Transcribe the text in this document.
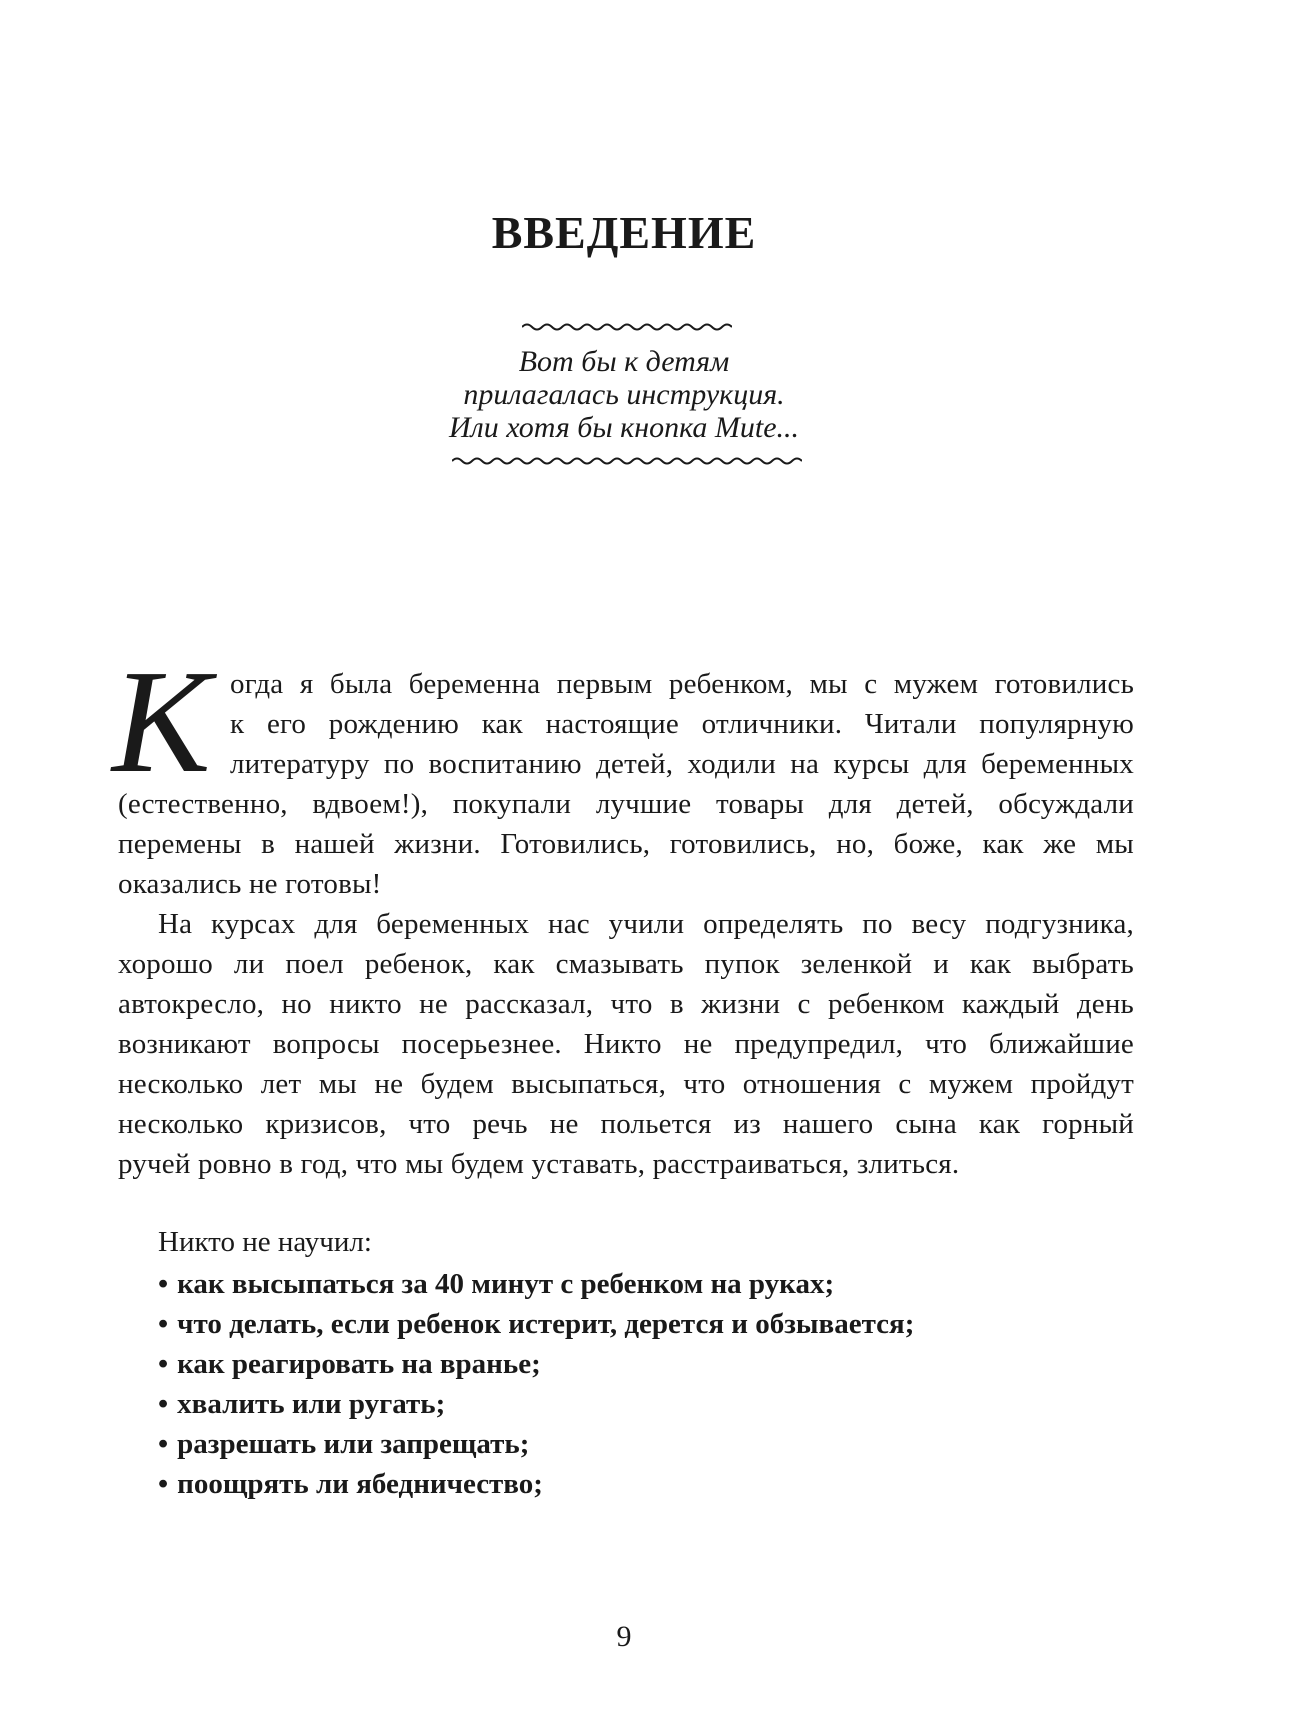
ВВЕДЕНИЕ
Вот бы к детям
прилагалась инструкция.
Или хотя бы кнопка Mute...
К огда я была беременна первым ребенком, мы с мужем готовились
к его рождению как настоящие отличники. Читали популярную
литературу по воспитанию детей, ходили на курсы для беременных
(естественно, вдвоем!), покупали лучшие товары для детей, обсуждали
перемены в нашей жизни. Готовились, готовились, но, боже, как же мы
оказались не готовы!
На курсах для беременных нас учили определять по весу подгузника,
хорошо ли поел ребенок, как смазывать пупок зеленкой и как выбрать
автокресло, но никто не рассказал, что в жизни с ребенком каждый день
возникают вопросы посерьезнее. Никто не предупредил, что ближайшие
несколько лет мы не будем высыпаться, что отношения с мужем пройдут
несколько кризисов, что речь не польется из нашего сына как горный
ручей ровно в год, что мы будем уставать, расстраиваться, злиться.
Никто не научил:
• как высыпаться за 40 минут с ребенком на руках;
• что делать, если ребенок истерит, дерется и обзывается;
• как реагировать на вранье;
• хвалить или ругать;
• разрешать или запрещать;
• поощрять ли ябедничество;
9
